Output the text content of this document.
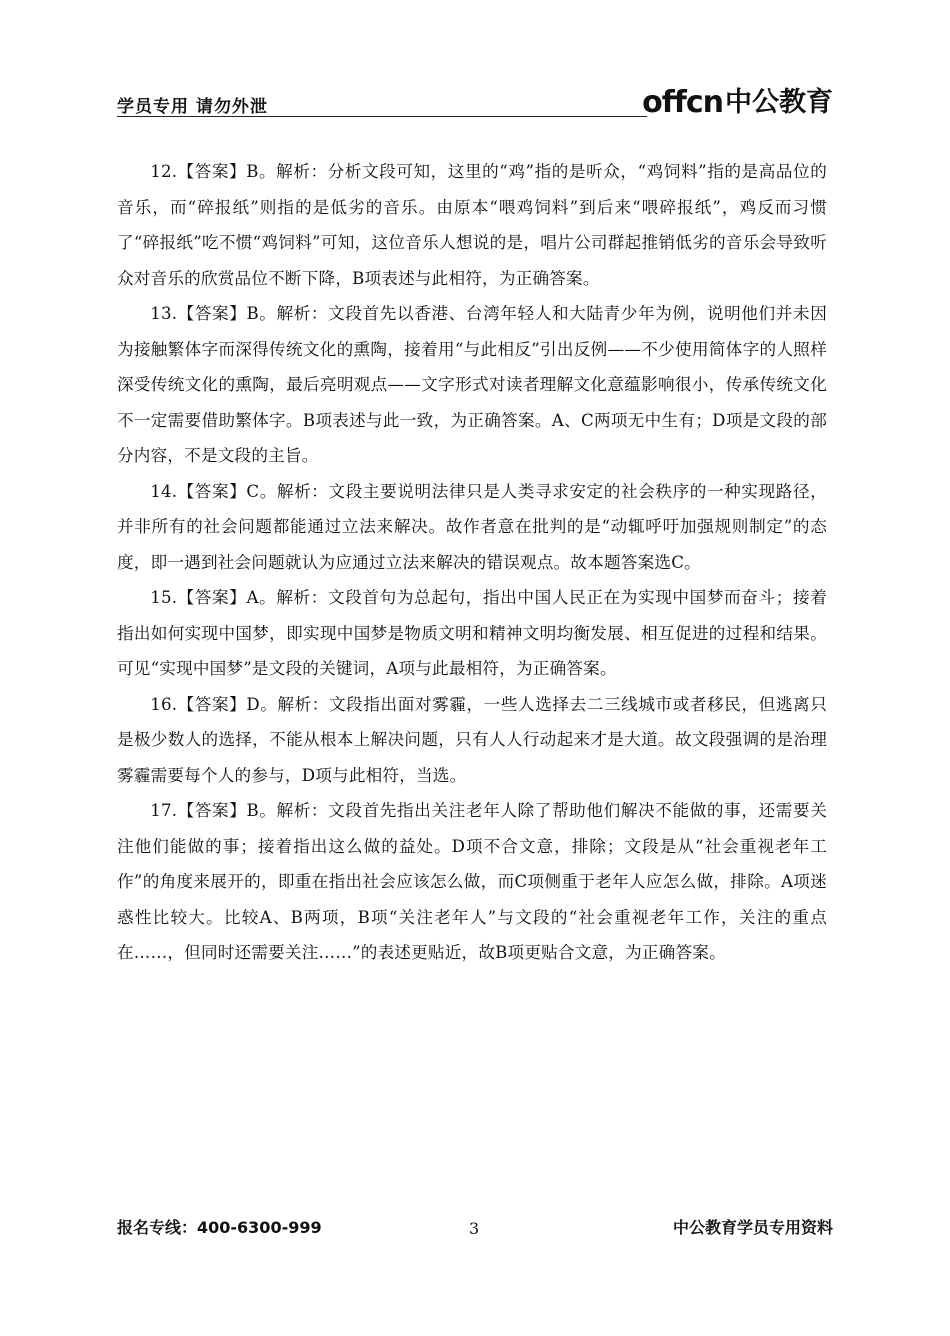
学员专用 请勿外泄	offcn 中公教育

12.【答案】B。解析：分析文段可知，这里的“鸡”指的是听众，“鸡饲料”指的是高品位的音乐，而“碎报纸”则指的是低劣的音乐。由原本“喂鸡饲料”到后来“喂碎报纸”，鸡反而习惯了“碎报纸”吃不惯“鸡饲料”可知，这位音乐人想说的是，唱片公司群起推销低劣的音乐会导致听众对音乐的欣赏品位不断下降，B项表述与此相符，为正确答案。

13.【答案】B。解析：文段首先以香港、台湾年轻人和大陆青少年为例，说明他们并未因为接触繁体字而深得传统文化的熏陶，接着用“与此相反”引出反例——不少使用简体字的人照样深受传统文化的熏陶，最后亮明观点——文字形式对读者理解文化意蕴影响很小，传承传统文化不一定需要借助繁体字。B项表述与此一致，为正确答案。A、C两项无中生有；D项是文段的部分内容，不是文段的主旨。

14.【答案】C。解析：文段主要说明法律只是人类寻求安定的社会秩序的一种实现路径，并非所有的社会问题都能通过立法来解决。故作者意在批判的是“动辄呼吁加强规则制定”的态度，即一遇到社会问题就认为应通过立法来解决的错误观点。故本题答案选C。

15.【答案】A。解析：文段首句为总起句，指出中国人民正在为实现中国梦而奋斗；接着指出如何实现中国梦，即实现中国梦是物质文明和精神文明均衡发展、相互促进的过程和结果。可见“实现中国梦”是文段的关键词，A项与此最相符，为正确答案。

16.【答案】D。解析：文段指出面对雾霾，一些人选择去二三线城市或者移民，但逃离只是极少数人的选择，不能从根本上解决问题，只有人人行动起来才是大道。故文段强调的是治理雾霾需要每个人的参与，D项与此相符，当选。

17.【答案】B。解析：文段首先指出关注老年人除了帮助他们解决不能做的事，还需要关注他们能做的事；接着指出这么做的益处。D项不合文意，排除；文段是从“社会重视老年工作”的角度来展开的，即重在指出社会应该怎么做，而C项侧重于老年人应怎么做，排除。A项迷惑性比较大。比较A、B两项，B项“关注老年人”与文段的“社会重视老年工作，关注的重点在……，但同时还需要关注……”的表述更贴近，故B项更贴合文意，为正确答案。

报名专线：400-6300-999	3	中公教育学员专用资料
